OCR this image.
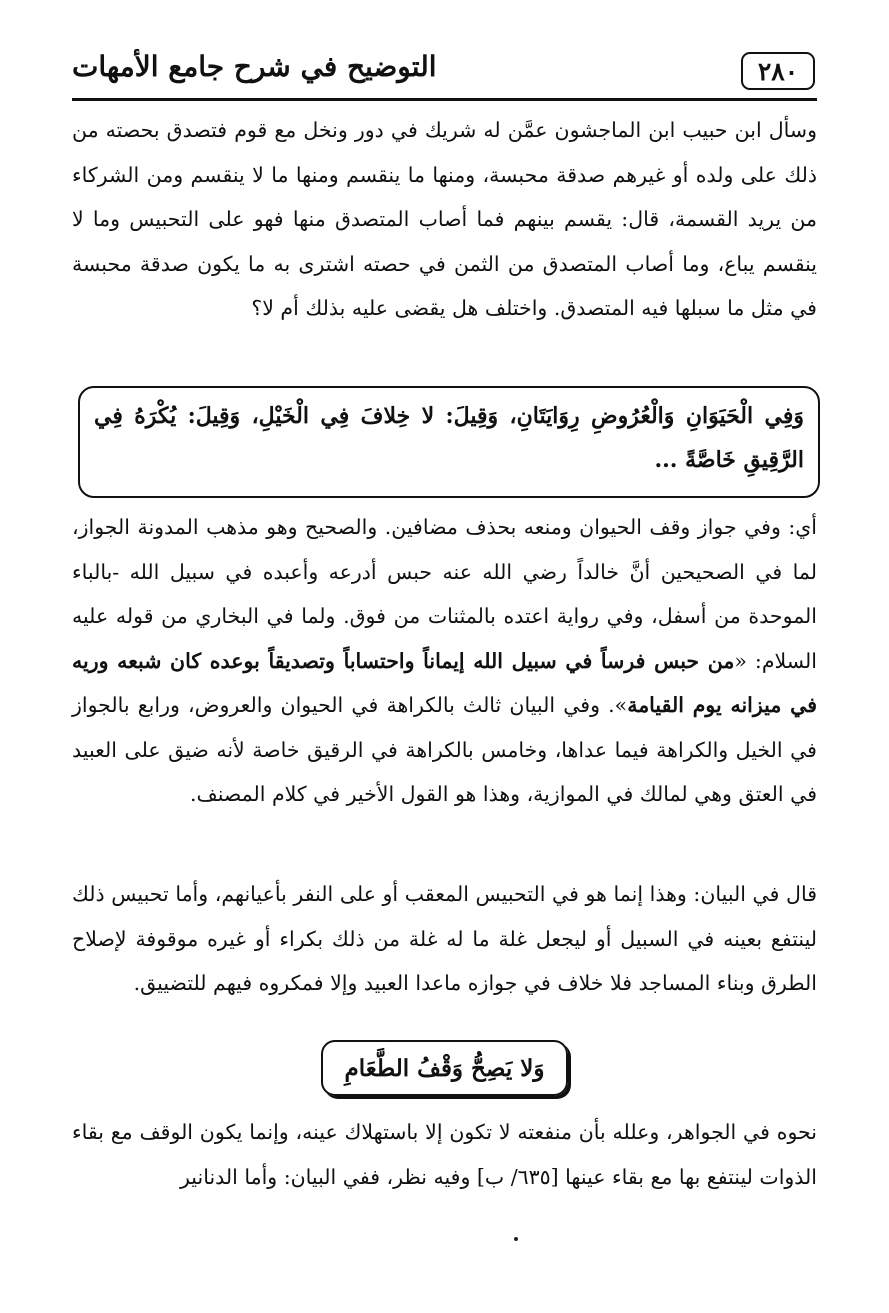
٢٨٠
التوضيح في شرح جامع الأمهات
وسأل ابن حبيب ابن الماجشون عمَّن له شريك في دور ونخل مع قوم فتصدق بحصته من ذلك على ولده أو غيرهم صدقة محبسة، ومنها ما ينقسم ومنها ما لا ينقسم ومن الشركاء من يريد القسمة، قال: يقسم بينهم فما أصاب المتصدق منها فهو على التحبيس وما لا ينقسم يباع، وما أصاب المتصدق من الثمن في حصته اشترى به ما يكون صدقة محبسة في مثل ما سبلها فيه المتصدق. واختلف هل يقضى عليه بذلك أم لا؟
وَفِي الْحَيَوَانِ وَالْعُرُوضِ رِوَايَتَانِ، وَقِيلَ: لا خِلافَ فِي الْخَيْلِ، وَقِيلَ: يُكْرَهُ فِي الرَّقِيقِ خَاصَّةً ...
أي: وفي جواز وقف الحيوان ومنعه بحذف مضافين. والصحيح وهو مذهب المدونة الجواز، لما في الصحيحين أنَّ خالداً رضي الله عنه حبس أدرعه وأعبده في سبيل الله -بالباء الموحدة من أسفل، وفي رواية اعتده بالمثنات من فوق. ولما في البخاري من قوله عليه السلام: «من حبس فرساً في سبيل الله إيماناً واحتساباً وتصديقاً بوعده كان شبعه وريه في ميزانه يوم القيامة». وفي البيان ثالث بالكراهة في الحيوان والعروض، ورابع بالجواز في الخيل والكراهة فيما عداها، وخامس بالكراهة في الرقيق خاصة لأنه ضيق على العبيد في العتق وهي لمالك في الموازية، وهذا هو القول الأخير في كلام المصنف.
قال في البيان: وهذا إنما هو في التحبيس المعقب أو على النفر بأعيانهم، وأما تحبيس ذلك لينتفع بعينه في السبيل أو ليجعل غلة ما له غلة من ذلك بكراء أو غيره موقوفة لإصلاح الطرق وبناء المساجد فلا خلاف في جوازه ماعدا العبيد وإلا فمكروه فيهم للتضييق.
وَلا يَصِحُّ وَقْفُ الطَّعَامِ
نحوه في الجواهر، وعلله بأن منفعته لا تكون إلا باستهلاك عينه، وإنما يكون الوقف مع بقاء الذوات لينتفع بها مع بقاء عينها [٦٣٥/ ب] وفيه نظر، ففي البيان: وأما الدنانير
